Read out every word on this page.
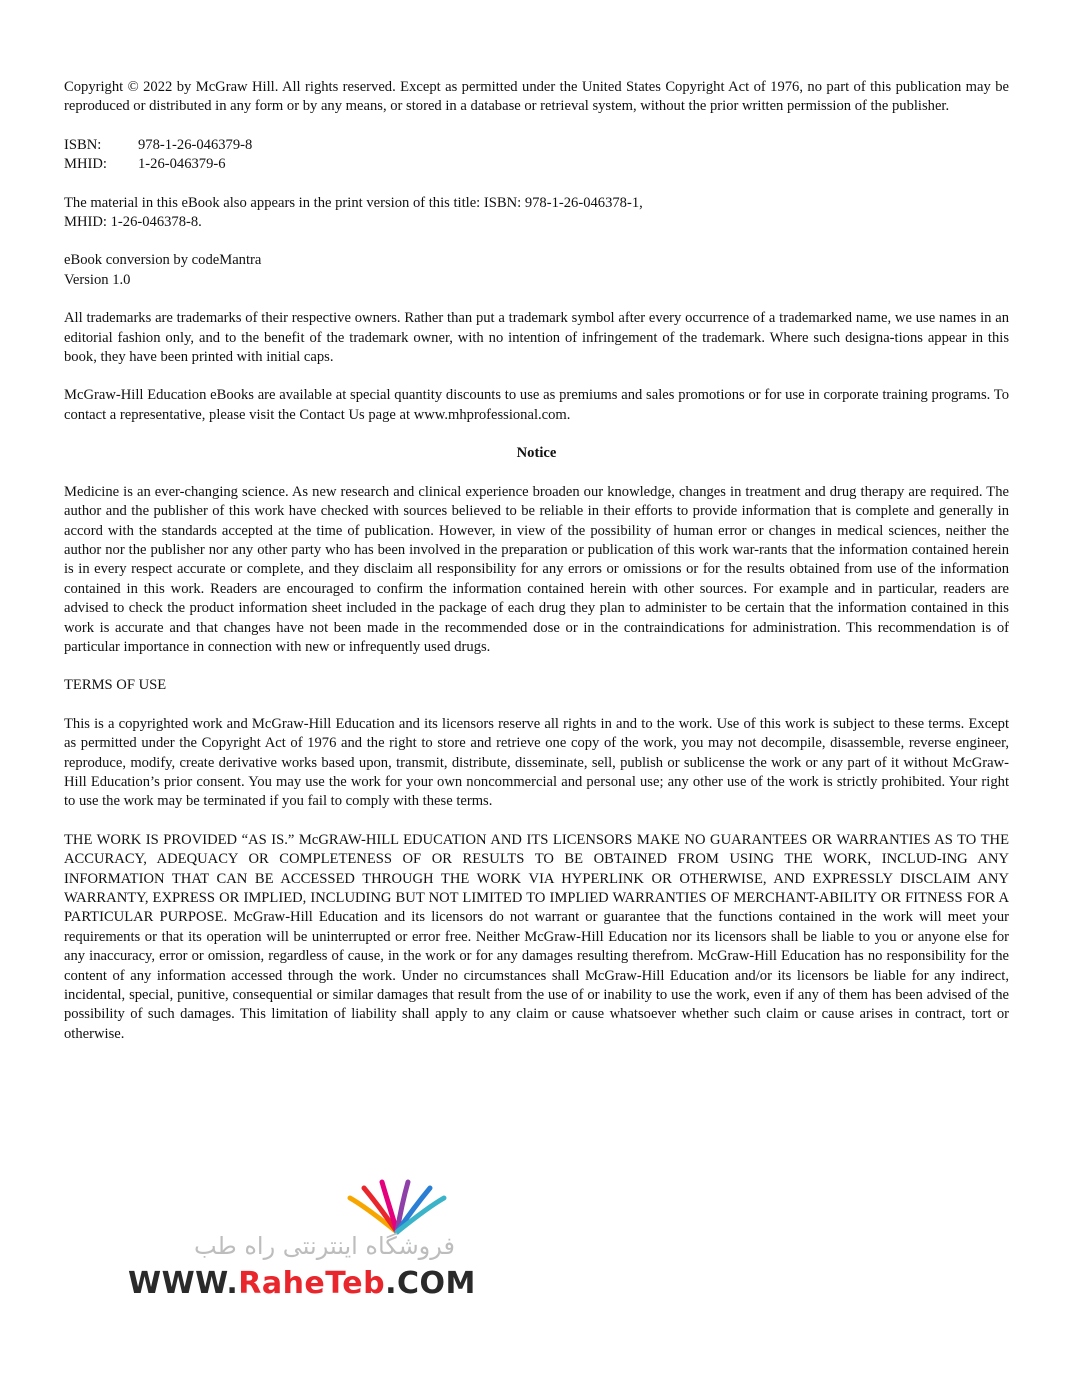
Copyright © 2022 by McGraw Hill. All rights reserved. Except as permitted under the United States Copyright Act of 1976, no part of this publication may be reproduced or distributed in any form or by any means, or stored in a database or retrieval system, without the prior written permission of the publisher.

ISBN:	978-1-26-046379-8
MHID:	1-26-046379-6

The material in this eBook also appears in the print version of this title: ISBN: 978-1-26-046378-1,
MHID: 1-26-046378-8.

eBook conversion by codeMantra
Version 1.0

All trademarks are trademarks of their respective owners. Rather than put a trademark symbol after every occurrence of a trademarked name, we use names in an editorial fashion only, and to the benefit of the trademark owner, with no intention of infringement of the trademark. Where such designa-tions appear in this book, they have been printed with initial caps.

McGraw-Hill Education eBooks are available at special quantity discounts to use as premiums and sales promotions or for use in corporate training programs. To contact a representative, please visit the Contact Us page at www.mhprofessional.com.

Notice

Medicine is an ever-changing science. As new research and clinical experience broaden our knowledge, changes in treatment and drug therapy are required. The author and the publisher of this work have checked with sources believed to be reliable in their efforts to provide information that is complete and generally in accord with the standards accepted at the time of publication. However, in view of the possibility of human error or changes in medical sciences, neither the author nor the publisher nor any other party who has been involved in the preparation or publication of this work war-rants that the information contained herein is in every respect accurate or complete, and they disclaim all responsibility for any errors or omissions or for the results obtained from use of the information contained in this work. Readers are encouraged to confirm the information contained herein with other sources. For example and in particular, readers are advised to check the product information sheet included in the package of each drug they plan to administer to be certain that the information contained in this work is accurate and that changes have not been made in the recommended dose or in the contraindications for administration. This recommendation is of particular importance in connection with new or infrequently used drugs.

TERMS OF USE

This is a copyrighted work and McGraw-Hill Education and its licensors reserve all rights in and to the work. Use of this work is subject to these terms. Except as permitted under the Copyright Act of 1976 and the right to store and retrieve one copy of the work, you may not decompile, disassemble, reverse engineer, reproduce, modify, create derivative works based upon, transmit, distribute, disseminate, sell, publish or sublicense the work or any part of it without McGraw-Hill Education’s prior consent. You may use the work for your own noncommercial and personal use; any other use of the work is strictly prohibited. Your right to use the work may be terminated if you fail to comply with these terms.

THE WORK IS PROVIDED “AS IS.” McGRAW-HILL EDUCATION AND ITS LICENSORS MAKE NO GUARANTEES OR WARRANTIES AS TO THE ACCURACY, ADEQUACY OR COMPLETENESS OF OR RESULTS TO BE OBTAINED FROM USING THE WORK, INCLUD-ING ANY INFORMATION THAT CAN BE ACCESSED THROUGH THE WORK VIA HYPERLINK OR OTHERWISE, AND EXPRESSLY DISCLAIM ANY WARRANTY, EXPRESS OR IMPLIED, INCLUDING BUT NOT LIMITED TO IMPLIED WARRANTIES OF MERCHANT-ABILITY OR FITNESS FOR A PARTICULAR PURPOSE. McGraw-Hill Education and its licensors do not warrant or guarantee that the functions contained in the work will meet your requirements or that its operation will be uninterrupted or error free. Neither McGraw-Hill Education nor its licensors shall be liable to you or anyone else for any inaccuracy, error or omission, regardless of cause, in the work or for any damages resulting therefrom. McGraw-Hill Education has no responsibility for the content of any information accessed through the work. Under no circumstances shall McGraw-Hill Education and/or its licensors be liable for any indirect, incidental, special, punitive, consequential or similar damages that result from the use of or inability to use the work, even if any of them has been advised of the possibility of such damages. This limitation of liability shall apply to any claim or cause whatsoever whether such claim or cause arises in contract, tort or otherwise.

فروشگاه اینترنتی راه طب
WWW.RaheTeb.COM
